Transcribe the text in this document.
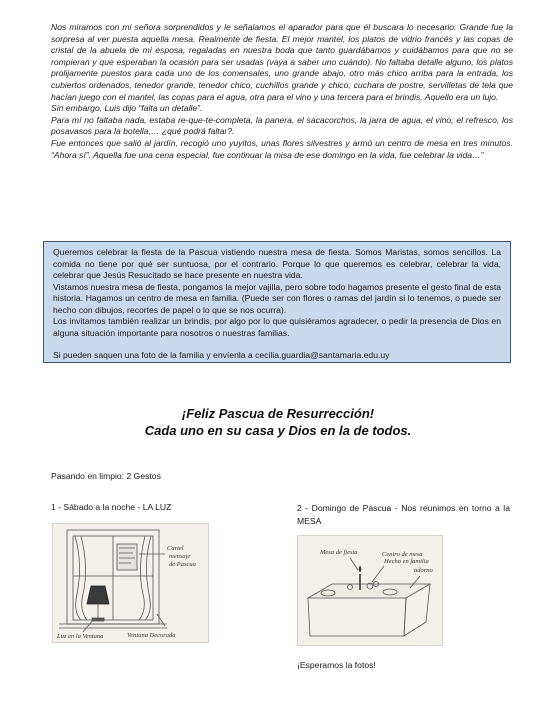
Nos miramos con mi señora sorprendidos y le señalamos el aparador para que él buscara lo necesario. Grande fue la sorpresa al ver puesta aquella mesa. Realmente de fiesta. El mejor mantel, los platos de vidrio francés y las copas de cristal de la abuela de mi esposa, regaladas en nuestra boda que tanto guardábamos y cuidábamos para que no se rompieran y que esperaban la ocasión para ser usadas (vaya a saber uno cuándo). No faltaba detalle alguno, los platos prolijamente puestos para cada uno de los comensales, uno grande abajo, otro más chico arriba para la entrada, los cubiertos ordenados, tenedor grande, tenedor chico, cuchillos grande y chico, cuchara de postre, servilletas de tela que hacían juego con el mantel, las copas para el agua, otra para el vino y una tercera para el brindis. Aquello era un lujo.

Sin embargo, Luis dijo “falta un detalle”.

Para mí no faltaba nada, estaba re-que-te-completa, la panera, el sacacorchos, la jarra de agua, el vino, el refresco, los posavasos para la botella,… ¿qué podrá faltar?.

Fue entonces que salió al jardín, recogió uno yuyitos, unas flores silvestres y armó un centro de mesa en tres minutos. “Ahora sí”. Aquella fue una cena especial, fue continuar la misa de ese domingo en la vida, fue celebrar la vida…”

Queremos celebrar la fiesta de la Pascua vistiendo nuestra mesa de fiesta. Somos Maristas, somos sencillos. La comida no tiene por qué ser suntuosa, por el contrario. Porque lo que queremos es celebrar, celebrar la vida, celebrar que Jesús Resucitado se hace presente en nuestra vida.

Vistamos nuestra mesa de fiesta, pongamos la mejor vajilla, pero sobre todo hagamos presente el gesto final de esta historia. Hagamos un centro de mesa en familia. (Puede ser con flores o ramas del jardín si lo tenemos, o puede ser hecho con dibujos, recortes de papel o lo que se nos ocurra).

Los invitamos también realizar un brindis, por algo por lo que quisiéramos agradecer, o pedir la presencia de Dios en alguna situación importante para nosotros o nuestras familias.

Si pueden saquen una foto de la familia y envíenla a cecilia.guardia@santamaria.edu.uy

¡Feliz Pascua de Resurrección!
Cada uno en su casa y Dios en la de todos.
Pasando en limpio: 2 Gestos
1 - Sábado a la noche - LA LUZ	2 - Domingo de Pascua - Nos reunimos en torno a la MESA
Cartel
mensaje
de Pascua
Luz en la Ventana	Ventana Decorada
Mesa de fiesta	Centro de mesa
Hecho en familia
adorno
¡Esperamos la fotos!
